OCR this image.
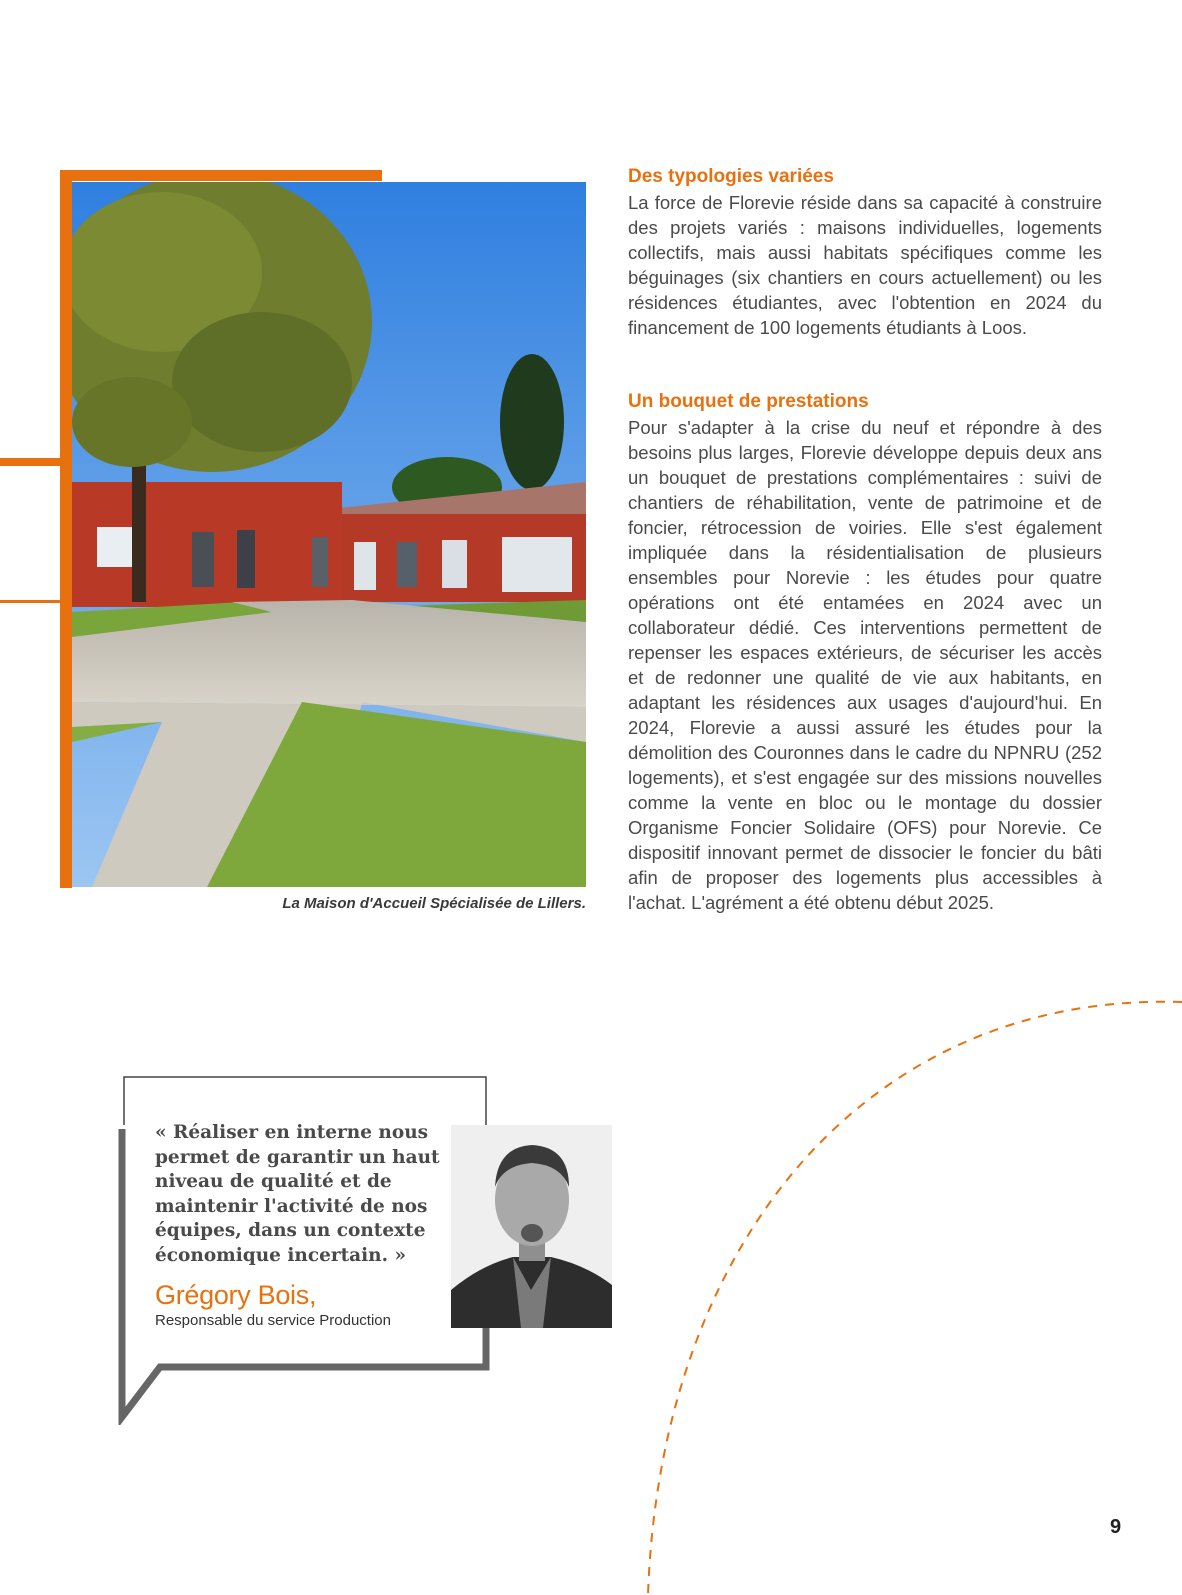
La Maison d'Accueil Spécialisée de Lillers.
Des typologies variées
La force de Florevie réside dans sa capacité à construire des projets variés : maisons individuelles, logements collectifs, mais aussi habitats spécifiques comme les béguinages (six chantiers en cours actuellement) ou les résidences étudiantes, avec l'obtention en 2024 du financement de 100 logements étudiants à Loos.
Un bouquet de prestations
Pour s'adapter à la crise du neuf et répondre à des besoins plus larges, Florevie développe depuis deux ans un bouquet de prestations complémentaires : suivi de chantiers de réhabilitation, vente de patrimoine et de foncier, rétrocession de voiries. Elle s'est également impliquée dans la résidentialisation de plusieurs ensembles pour Norevie : les études pour quatre opérations ont été entamées en 2024 avec un collaborateur dédié. Ces interventions permettent de repenser les espaces extérieurs, de sécuriser les accès et de redonner une qualité de vie aux habitants, en adaptant les résidences aux usages d'aujourd'hui. En 2024, Florevie a aussi assuré les études pour la démolition des Couronnes dans le cadre du NPNRU (252 logements), et s'est engagée sur des missions nouvelles comme la vente en bloc ou le montage du dossier Organisme Foncier Solidaire (OFS) pour Norevie. Ce dispositif innovant permet de dissocier le foncier du bâti afin de proposer des logements plus accessibles à l'achat. L'agrément a été obtenu début 2025.
« Réaliser en interne nous permet de garantir un haut niveau de qualité et de maintenir l'activité de nos équipes, dans un contexte économique incertain. »
Grégory Bois,
Responsable du service Production
9
